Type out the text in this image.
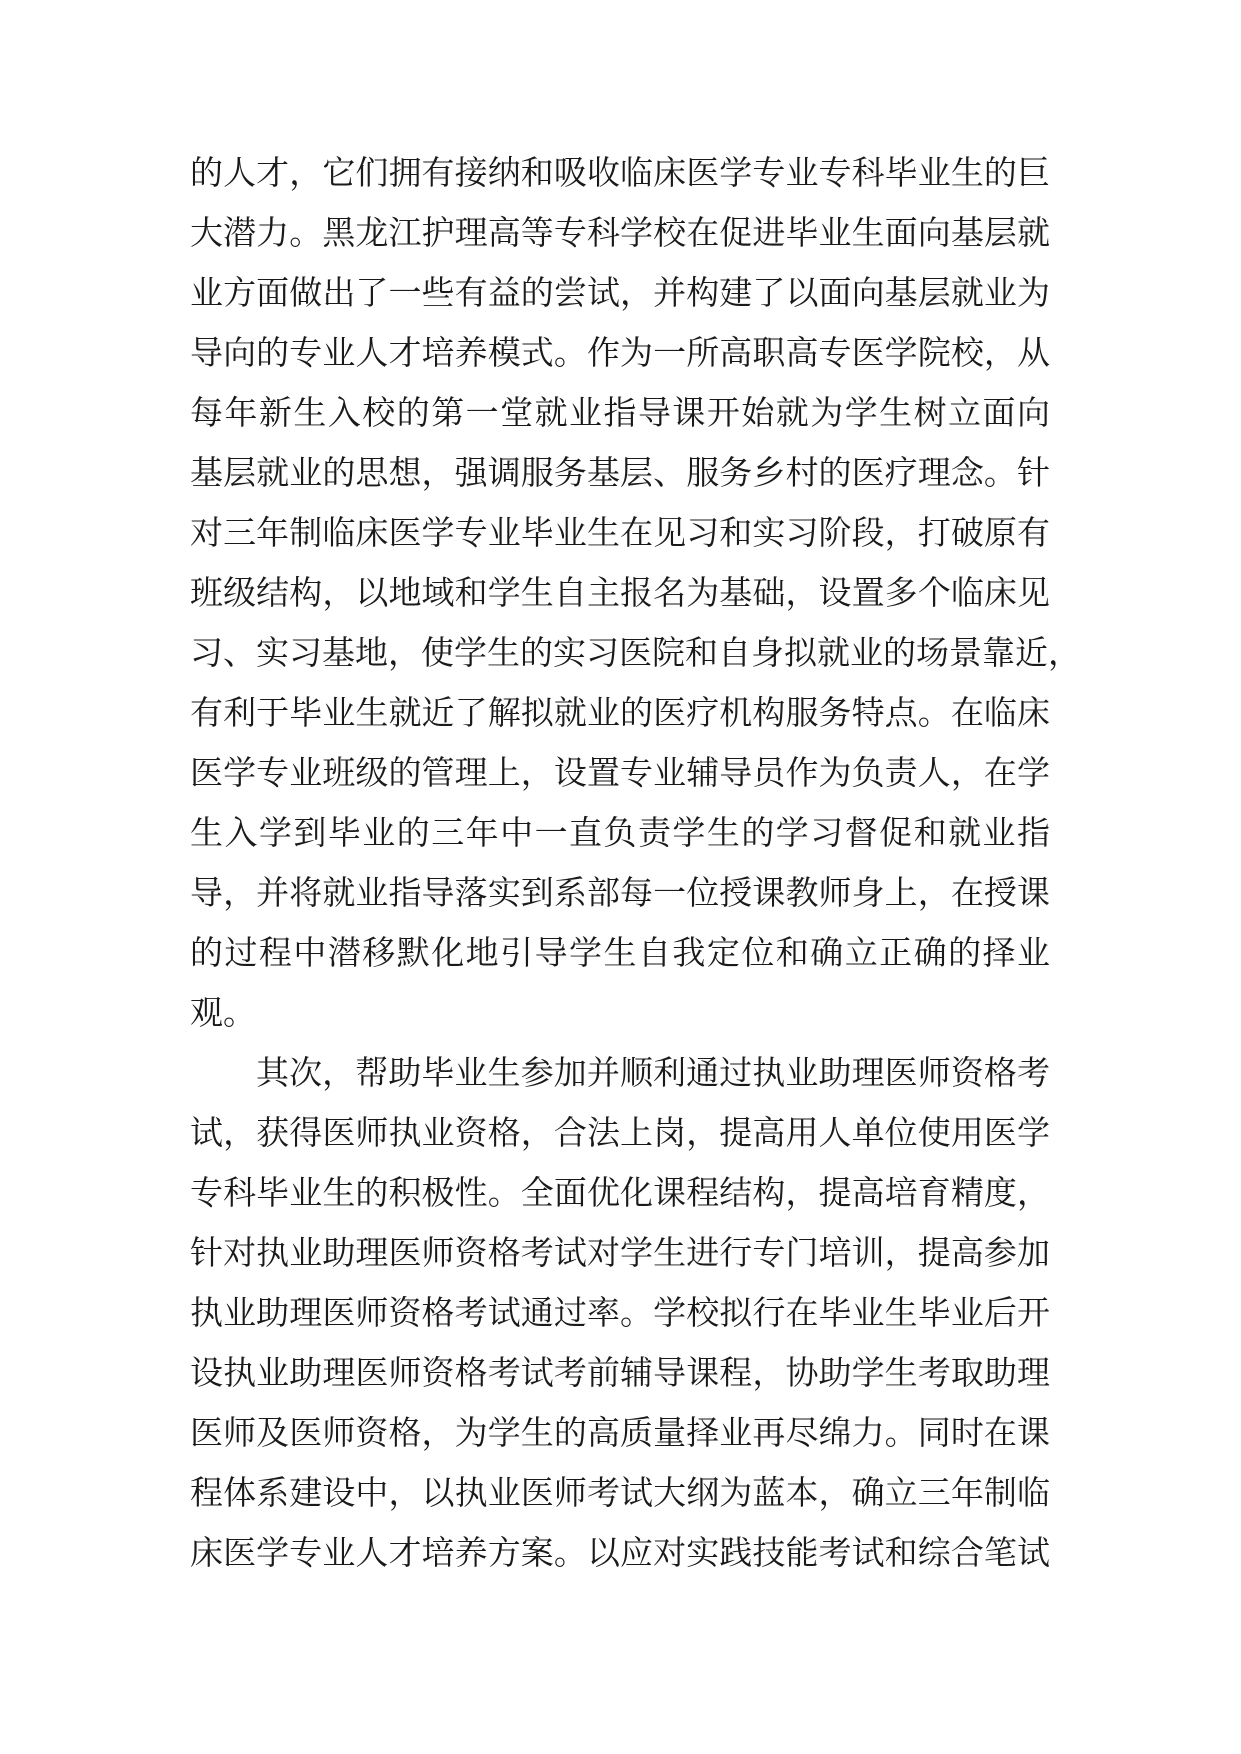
的人才，它们拥有接纳和吸收临床医学专业专科毕业生的巨
大潜力。黑龙江护理高等专科学校在促进毕业生面向基层就
业方面做出了一些有益的尝试，并构建了以面向基层就业为
导向的专业人才培养模式。作为一所高职高专医学院校，从
每年新生入校的第一堂就业指导课开始就为学生树立面向
基层就业的思想，强调服务基层、服务乡村的医疗理念。针
对三年制临床医学专业毕业生在见习和实习阶段，打破原有
班级结构，以地域和学生自主报名为基础，设置多个临床见
习、实习基地，使学生的实习医院和自身拟就业的场景靠近，
有利于毕业生就近了解拟就业的医疗机构服务特点。在临床
医学专业班级的管理上，设置专业辅导员作为负责人，在学
生入学到毕业的三年中一直负责学生的学习督促和就业指
导，并将就业指导落实到系部每一位授课教师身上，在授课
的过程中潜移默化地引导学生自我定位和确立正确的择业
观。
其次，帮助毕业生参加并顺利通过执业助理医师资格考
试，获得医师执业资格，合法上岗，提高用人单位使用医学
专科毕业生的积极性。全面优化课程结构，提高培育精度，
针对执业助理医师资格考试对学生进行专门培训，提高参加
执业助理医师资格考试通过率。学校拟行在毕业生毕业后开
设执业助理医师资格考试考前辅导课程，协助学生考取助理
医师及医师资格，为学生的高质量择业再尽绵力。同时在课
程体系建设中，以执业医师考试大纲为蓝本，确立三年制临
床医学专业人才培养方案。以应对实践技能考试和综合笔试
